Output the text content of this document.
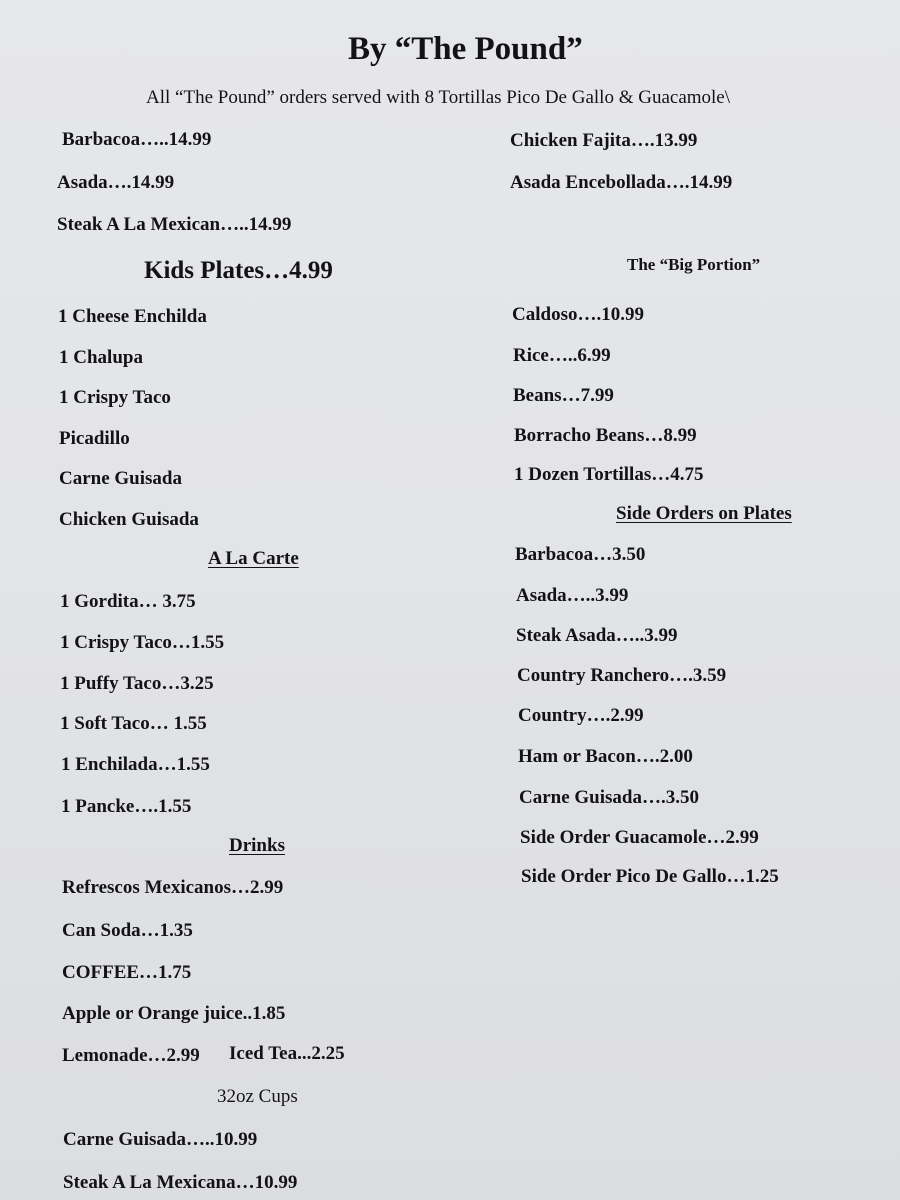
By “The Pound”
All “The Pound” orders served with 8 Tortillas Pico De Gallo & Guacamole\
Barbacoa…..14.99
Asada….14.99
Steak A La Mexican…..14.99
Chicken Fajita….13.99
Asada Encebollada….14.99
Kids Plates…4.99
1 Cheese Enchilda
1 Chalupa
1 Crispy Taco
Picadillo
Carne Guisada
Chicken Guisada
A La Carte
1 Gordita… 3.75
1 Crispy Taco…1.55
1 Puffy Taco…3.25
1 Soft Taco… 1.55
1 Enchilada…1.55
1 Pancke….1.55
Drinks
Refrescos Mexicanos…2.99
Can Soda…1.35
COFFEE…1.75
Apple or Orange juice..1.85
Lemonade…2.99 Iced Tea...2.25
32oz Cups
Carne Guisada…..10.99
Steak A La Mexicana…10.99
The “Big Portion”
Caldoso….10.99
Rice…..6.99
Beans…7.99
Borracho Beans…8.99
1 Dozen Tortillas…4.75
Side Orders on Plates
Barbacoa…3.50
Asada…..3.99
Steak Asada…..3.99
Country Ranchero….3.59
Country….2.99
Ham or Bacon….2.00
Carne Guisada….3.50
Side Order Guacamole…2.99
Side Order Pico De Gallo…1.25
